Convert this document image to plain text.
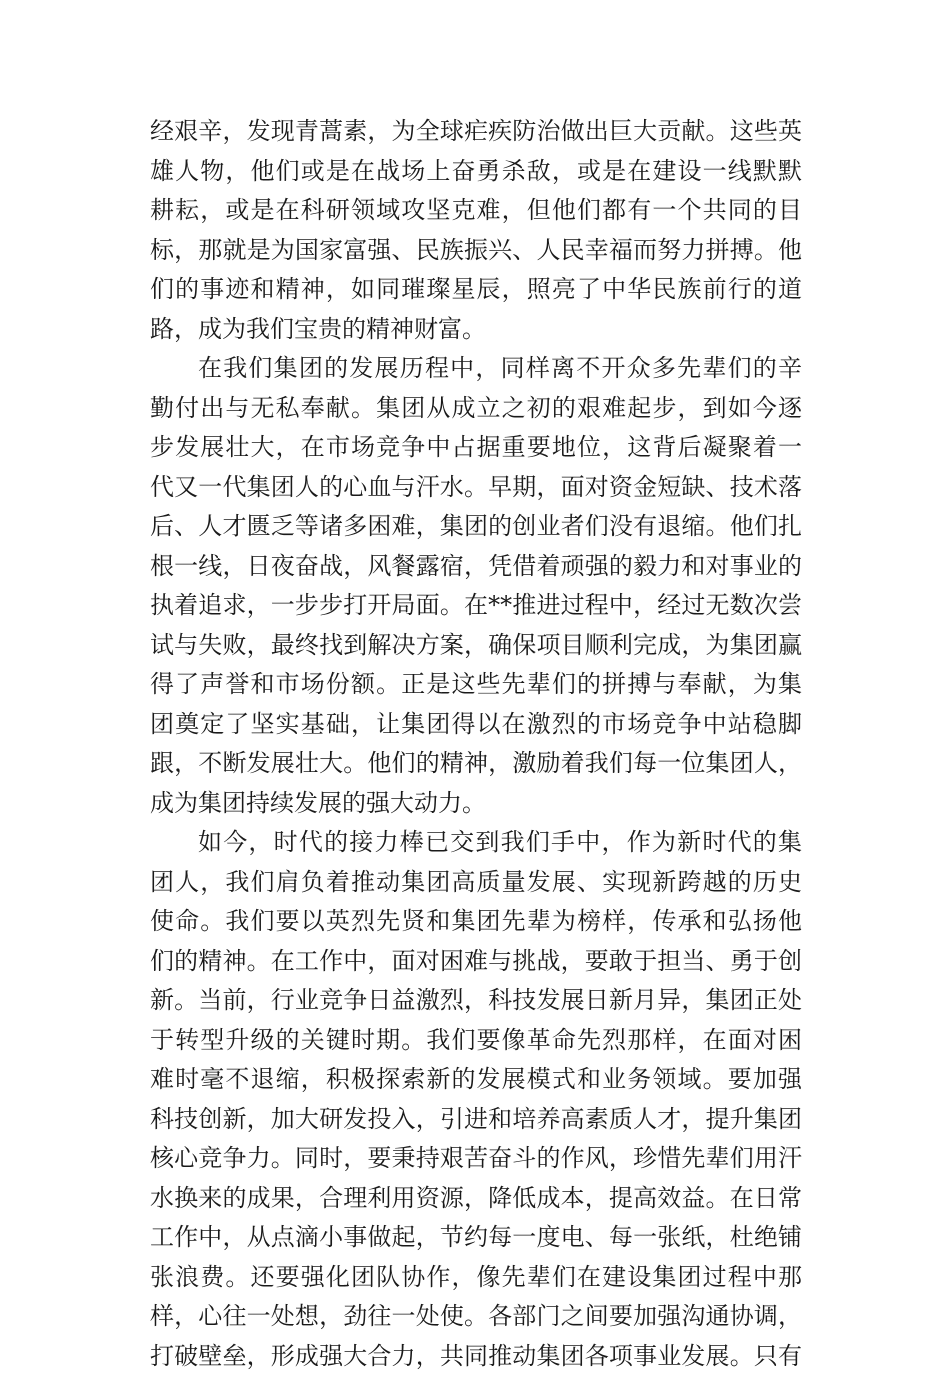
经艰辛，发现青蒿素，为全球疟疾防治做出巨大贡献。这些英
雄人物，他们或是在战场上奋勇杀敌，或是在建设一线默默
耕耘，或是在科研领域攻坚克难，但他们都有一个共同的目
标，那就是为国家富强、民族振兴、人民幸福而努力拼搏。他
们的事迹和精神，如同璀璨星辰，照亮了中华民族前行的道
路，成为我们宝贵的精神财富。
在我们集团的发展历程中，同样离不开众多先辈们的辛
勤付出与无私奉献。集团从成立之初的艰难起步，到如今逐
步发展壮大，在市场竞争中占据重要地位，这背后凝聚着一
代又一代集团人的心血与汗水。早期，面对资金短缺、技术落
后、人才匮乏等诸多困难，集团的创业者们没有退缩。他们扎
根一线，日夜奋战，风餐露宿，凭借着顽强的毅力和对事业的
执着追求，一步步打开局面。在**推进过程中，经过无数次尝
试与失败，最终找到解决方案，确保项目顺利完成，为集团赢
得了声誉和市场份额。正是这些先辈们的拼搏与奉献，为集
团奠定了坚实基础，让集团得以在激烈的市场竞争中站稳脚
跟，不断发展壮大。他们的精神，激励着我们每一位集团人，
成为集团持续发展的强大动力。
如今，时代的接力棒已交到我们手中，作为新时代的集
团人，我们肩负着推动集团高质量发展、实现新跨越的历史
使命。我们要以英烈先贤和集团先辈为榜样，传承和弘扬他
们的精神。在工作中，面对困难与挑战，要敢于担当、勇于创
新。当前，行业竞争日益激烈，科技发展日新月异，集团正处
于转型升级的关键时期。我们要像革命先烈那样，在面对困
难时毫不退缩，积极探索新的发展模式和业务领域。要加强
科技创新，加大研发投入，引进和培养高素质人才，提升集团
核心竞争力。同时，要秉持艰苦奋斗的作风，珍惜先辈们用汗
水换来的成果，合理利用资源，降低成本，提高效益。在日常
工作中，从点滴小事做起，节约每一度电、每一张纸，杜绝铺
张浪费。还要强化团队协作，像先辈们在建设集团过程中那
样，心往一处想，劲往一处使。各部门之间要加强沟通协调，
打破壁垒，形成强大合力，共同推动集团各项事业发展。只有
